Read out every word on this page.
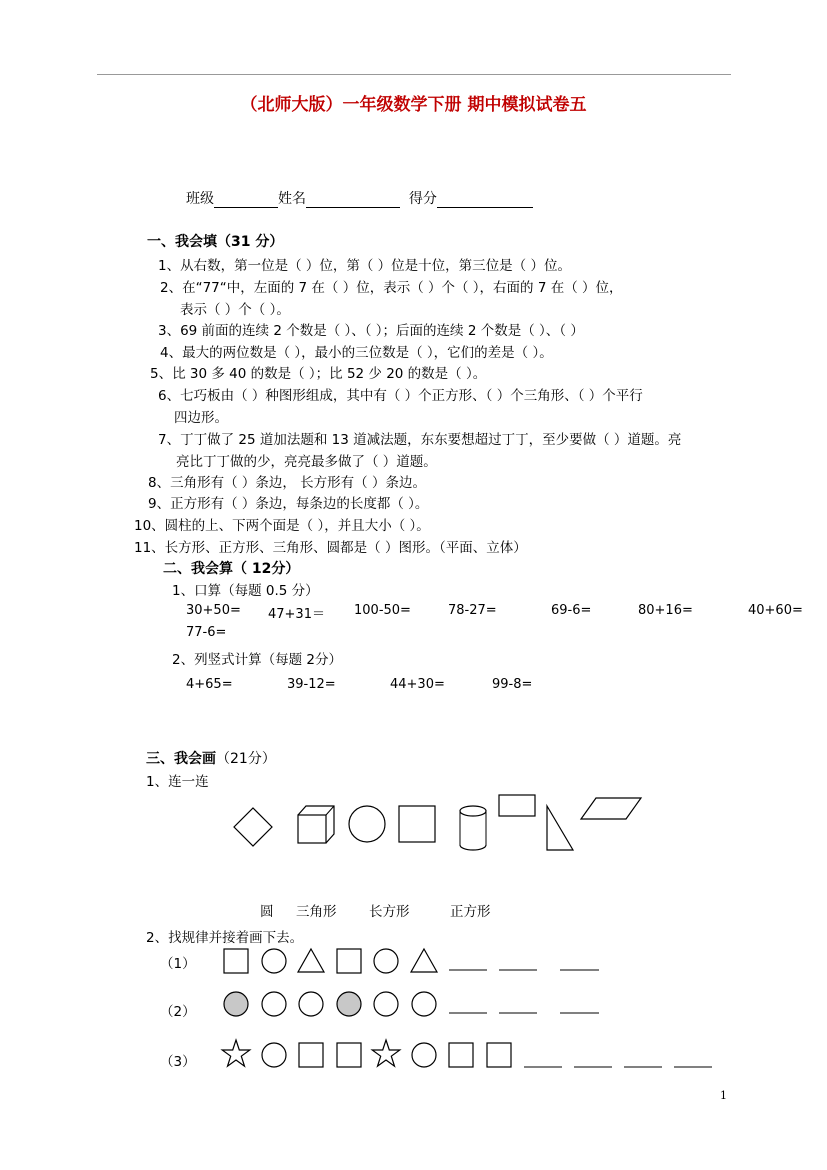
（北师大版）一年级数学下册 期中模拟试卷五
班级	姓名	得分
一、我会填（31 分）
1、从右数，第一位是（ ）位，第（ ）位是十位，第三位是（ ）位。
2、在“77“中，左面的 7 在（ ）位，表示（ ）个（ ），右面的 7 在（ ）位，
表示（ ）个（ ）。
3、69 前面的连续 2 个数是（ ）、（ ）；后面的连续 2 个数是（ ）、（ ）
4、最大的两位数是（ ），最小的三位数是（ ），它们的差是（ ）。
5、比 30 多 40 的数是（ ）；比 52 少 20 的数是（ ）。
6、七巧板由（ ）种图形组成，其中有（ ）个正方形、（ ）个三角形、（ ）个平行
四边形。
7、丁丁做了 25 道加法题和 13 道减法题，东东要想超过丁丁，至少要做（ ）道题。亮
亮比丁丁做的少，亮亮最多做了（ ）道题。
8、三角形有（ ）条边， 长方形有（ ）条边。
9、正方形有（ ）条边，每条边的长度都（ ）。
10、圆柱的上、下两个面是（ ），并且大小（ ）。
11、长方形、正方形、三角形、圆都是（ ）图形。（平面、立体）
二、我会算（ 12分）
1、口算（每题 0.5 分）
30+50= 47+31＝ 100-50=	78-27=	69-6=	80+16=	40+60=
77-6=
2、列竖式计算（每题 2分）
4+65=	39-12=	44+30=	99-8=
三、我会画（21分）
1、连一连
圆 三角形 长方形	正方形
2、找规律并接着画下去。
（1）
（2）
（3）
1
